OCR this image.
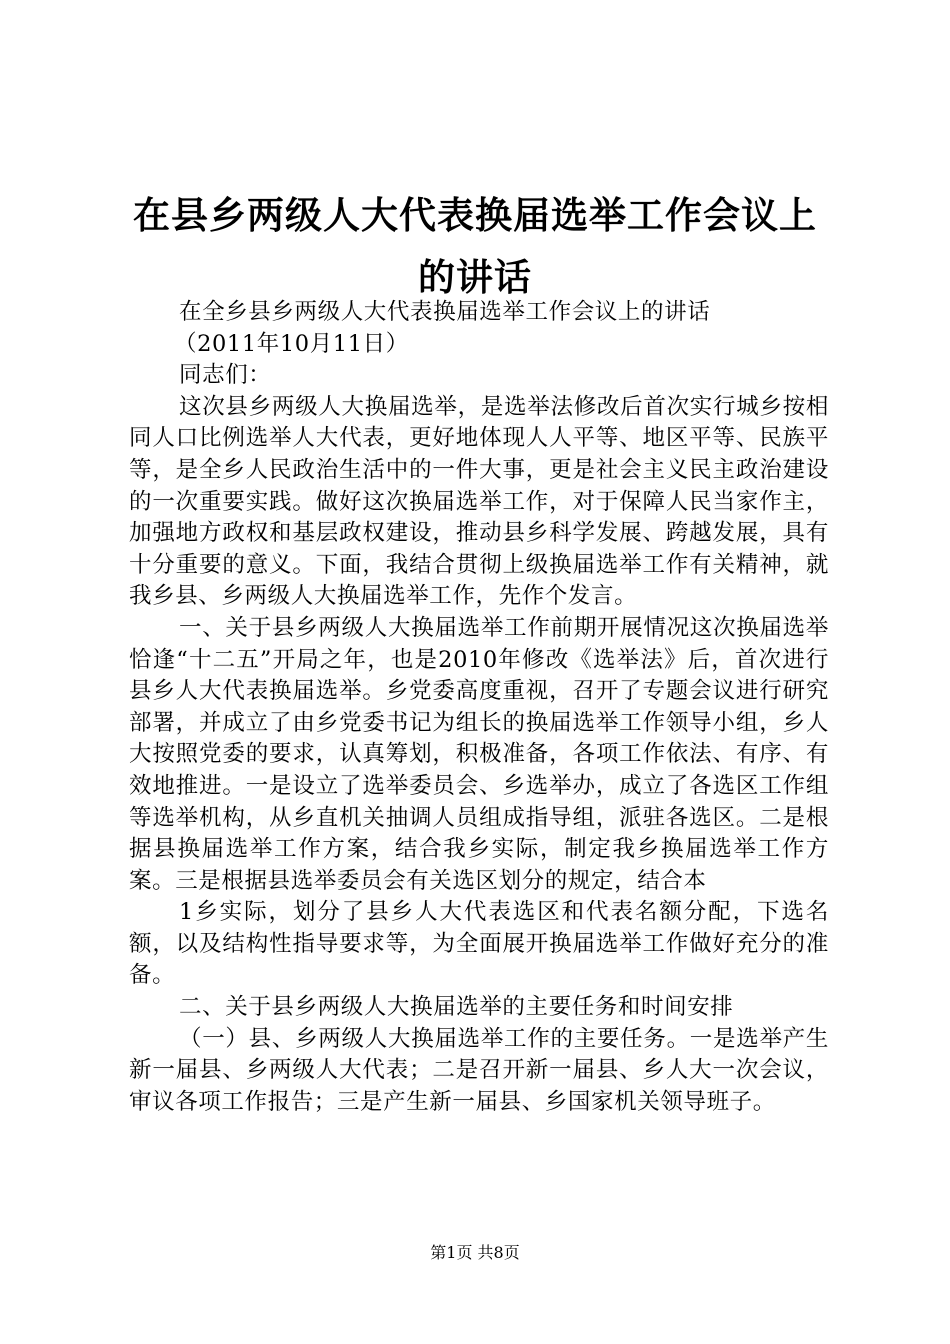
在县乡两级人大代表换届选举工作会议上的讲话

在全乡县乡两级人大代表换届选举工作会议上的讲话

（2011年10月11日）

同志们：

这次县乡两级人大换届选举，是选举法修改后首次实行城乡按相同人口比例选举人大代表，更好地体现人人平等、地区平等、民族平等，是全乡人民政治生活中的一件大事，更是社会主义民主政治建设的一次重要实践。做好这次换届选举工作，对于保障人民当家作主，加强地方政权和基层政权建设，推动县乡科学发展、跨越发展，具有十分重要的意义。下面，我结合贯彻上级换届选举工作有关精神，就我乡县、乡两级人大换届选举工作，先作个发言。

一、关于县乡两级人大换届选举工作前期开展情况这次换届选举恰逢“十二五”开局之年，也是2010年修改《选举法》后，首次进行县乡人大代表换届选举。乡党委高度重视，召开了专题会议进行研究部署，并成立了由乡党委书记为组长的换届选举工作领导小组，乡人大按照党委的要求，认真筹划，积极准备，各项工作依法、有序、有效地推进。一是设立了选举委员会、乡选举办，成立了各选区工作组等选举机构，从乡直机关抽调人员组成指导组，派驻各选区。二是根据县换届选举工作方案，结合我乡实际，制定我乡换届选举工作方案。三是根据县选举委员会有关选区划分的规定，结合本

1乡实际，划分了县乡人大代表选区和代表名额分配，下选名额，以及结构性指导要求等，为全面展开换届选举工作做好充分的准备。

二、关于县乡两级人大换届选举的主要任务和时间安排

（一）县、乡两级人大换届选举工作的主要任务。一是选举产生新一届县、乡两级人大代表；二是召开新一届县、乡人大一次会议，审议各项工作报告；三是产生新一届县、乡国家机关领导班子。

第1页 共8页
